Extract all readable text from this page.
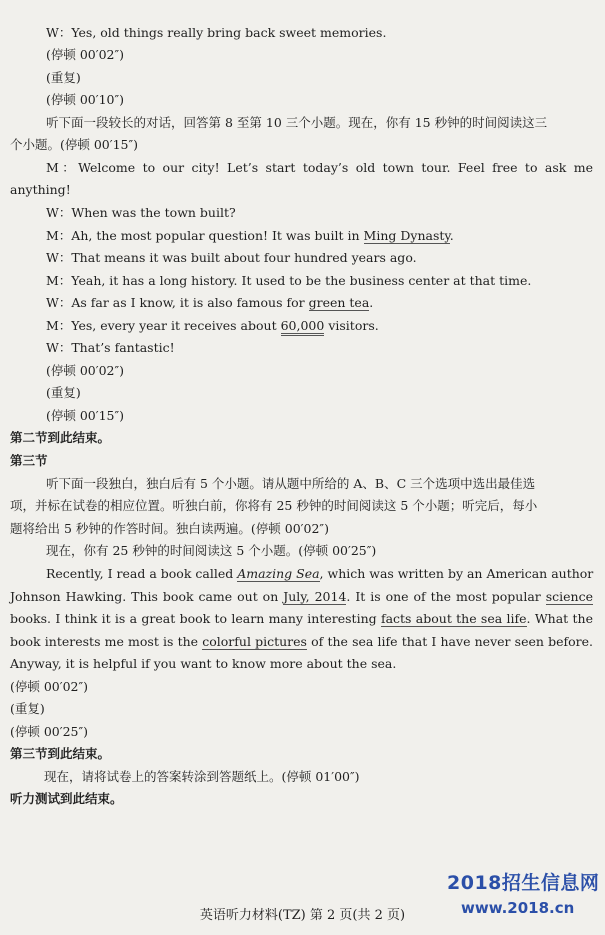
W：Yes, old things really bring back sweet memories.
(停顿 00′02″)
(重复)
(停顿 00′10″)
听下面一段较长的对话，回答第 8 至第 10 三个小题。现在，你有 15 秒钟的时间阅读这三
个小题。(停顿 00′15″)
M：Welcome to our city! Let’s start today’s old town tour. Feel free to ask me
anything!
W：When was the town built?
M：Ah, the most popular question! It was built in Ming Dynasty.
W：That means it was built about four hundred years ago.
M：Yeah, it has a long history. It used to be the business center at that time.
W：As far as I know, it is also famous for green tea.
M：Yes, every year it receives about 60,000 visitors.
W：That’s fantastic!
(停顿 00′02″)
(重复)
(停顿 00′15″)
第二节到此结束。
第三节
听下面一段独白，独白后有 5 个小题。请从题中所给的 A、B、C 三个选项中选出最佳选
项，并标在试卷的相应位置。听独白前，你将有 25 秒钟的时间阅读这 5 个小题；听完后，每小
题将给出 5 秒钟的作答时间。独白读两遍。(停顿 00′02″)
现在，你有 25 秒钟的时间阅读这 5 个小题。(停顿 00′25″)
Recently, I read a book called Amazing Sea, which was written by an American author
Johnson Hawking. This book came out on July, 2014. It is one of the most popular science
books. I think it is a great book to learn many interesting facts about the sea life. What the
book interests me most is the colorful pictures of the sea life that I have never seen before.
Anyway, it is helpful if you want to know more about the sea.
(停顿 00′02″)
(重复)
(停顿 00′25″)
第三节到此结束。
现在，请将试卷上的答案转涂到答题纸上。(停顿 01′00″)
听力测试到此结束。
2018招生信息网
www.2018.cn
英语听力材料(TZ) 第 2 页(共 2 页)
